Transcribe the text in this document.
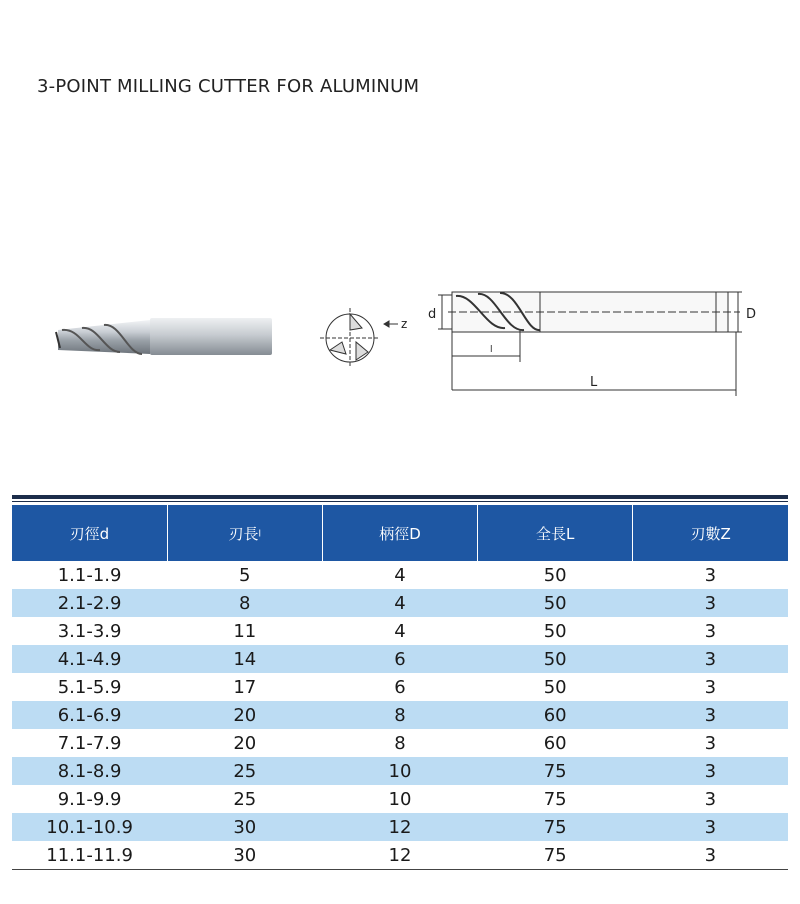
3-POINT MILLING CUTTER FOR ALUMINUM
z
d	D
l
L
刃徑d	刃長l	柄徑D	全長L	刃數Z
1.1-1.9	5	4	50	3
2.1-2.9	8	4	50	3
3.1-3.9	11	4	50	3
4.1-4.9	14	6	50	3
5.1-5.9	17	6	50	3
6.1-6.9	20	8	60	3
7.1-7.9	20	8	60	3
8.1-8.9	25	10	75	3
9.1-9.9	25	10	75	3
10.1-10.9	30	12	75	3
11.1-11.9	30	12	75	3
